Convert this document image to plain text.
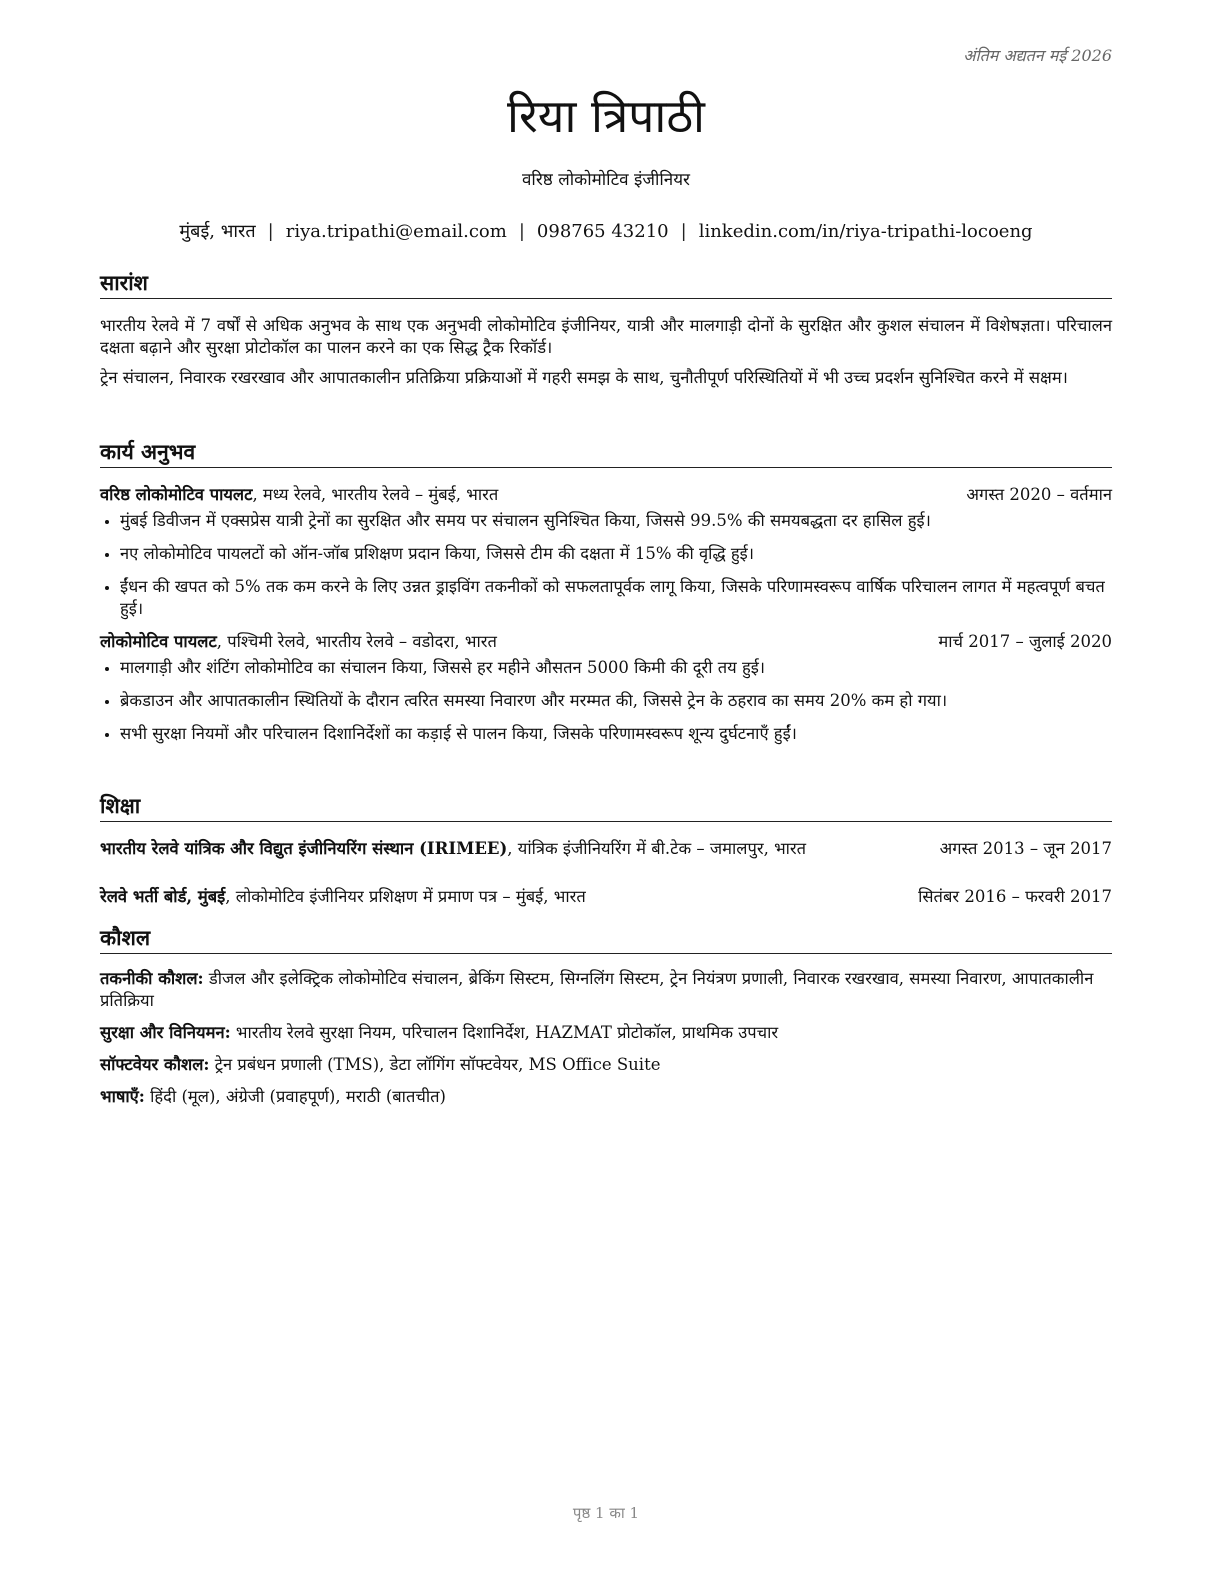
अंतिम अद्यतन मई 2026
रिया त्रिपाठी
वरिष्ठ लोकोमोटिव इंजीनियर
मुंबई, भारत | riya.tripathi@email.com | 098765 43210 | linkedin.com/in/riya-tripathi-locoeng
सारांश
भारतीय रेलवे में 7 वर्षों से अधिक अनुभव के साथ एक अनुभवी लोकोमोटिव इंजीनियर, यात्री और मालगाड़ी दोनों के सुरक्षित और कुशल संचालन में विशेषज्ञता। परिचालन दक्षता बढ़ाने और सुरक्षा प्रोटोकॉल का पालन करने का एक सिद्ध ट्रैक रिकॉर्ड।
ट्रेन संचालन, निवारक रखरखाव और आपातकालीन प्रतिक्रिया प्रक्रियाओं में गहरी समझ के साथ, चुनौतीपूर्ण परिस्थितियों में भी उच्च प्रदर्शन सुनिश्चित करने में सक्षम।
कार्य अनुभव
वरिष्ठ लोकोमोटिव पायलट, मध्य रेलवे, भारतीय रेलवे – मुंबई, भारत	अगस्त 2020 – वर्तमान
• मुंबई डिवीजन में एक्सप्रेस यात्री ट्रेनों का सुरक्षित और समय पर संचालन सुनिश्चित किया, जिससे 99.5% की समयबद्धता दर हासिल हुई।
• नए लोकोमोटिव पायलटों को ऑन-जॉब प्रशिक्षण प्रदान किया, जिससे टीम की दक्षता में 15% की वृद्धि हुई।
• ईंधन की खपत को 5% तक कम करने के लिए उन्नत ड्राइविंग तकनीकों को सफलतापूर्वक लागू किया, जिसके परिणामस्वरूप वार्षिक परिचालन लागत में महत्वपूर्ण बचत हुई।
लोकोमोटिव पायलट, पश्चिमी रेलवे, भारतीय रेलवे – वडोदरा, भारत	मार्च 2017 – जुलाई 2020
• मालगाड़ी और शंटिंग लोकोमोटिव का संचालन किया, जिससे हर महीने औसतन 5000 किमी की दूरी तय हुई।
• ब्रेकडाउन और आपातकालीन स्थितियों के दौरान त्वरित समस्या निवारण और मरम्मत की, जिससे ट्रेन के ठहराव का समय 20% कम हो गया।
• सभी सुरक्षा नियमों और परिचालन दिशानिर्देशों का कड़ाई से पालन किया, जिसके परिणामस्वरूप शून्य दुर्घटनाएँ हुईं।
शिक्षा
भारतीय रेलवे यांत्रिक और विद्युत इंजीनियरिंग संस्थान (IRIMEE), यांत्रिक इंजीनियरिंग में बी.टेक – जमालपुर, भारत	अगस्त 2013 – जून 2017
रेलवे भर्ती बोर्ड, मुंबई, लोकोमोटिव इंजीनियर प्रशिक्षण में प्रमाण पत्र – मुंबई, भारत	सितंबर 2016 – फरवरी 2017
कौशल
तकनीकी कौशल: डीजल और इलेक्ट्रिक लोकोमोटिव संचालन, ब्रेकिंग सिस्टम, सिग्नलिंग सिस्टम, ट्रेन नियंत्रण प्रणाली, निवारक रखरखाव, समस्या निवारण, आपातकालीन प्रतिक्रिया
सुरक्षा और विनियमन: भारतीय रेलवे सुरक्षा नियम, परिचालन दिशानिर्देश, HAZMAT प्रोटोकॉल, प्राथमिक उपचार
सॉफ्टवेयर कौशल: ट्रेन प्रबंधन प्रणाली (TMS), डेटा लॉगिंग सॉफ्टवेयर, MS Office Suite
भाषाएँ: हिंदी (मूल), अंग्रेजी (प्रवाहपूर्ण), मराठी (बातचीत)
पृष्ठ 1 का 1
